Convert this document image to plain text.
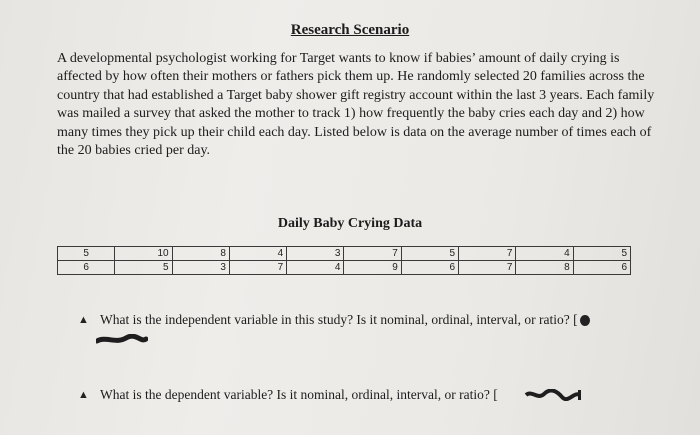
Research Scenario

A developmental psychologist working for Target wants to know if babies’ amount of daily crying is affected by how often their mothers or fathers pick them up. He randomly selected 20 families across the country that had established a Target baby shower gift registry account within the last 3 years. Each family was mailed a survey that asked the mother to track 1) how frequently the baby cries each day and 2) how many times they pick up their child each day. Listed below is data on the average number of times each of the 20 babies cried per day.

Daily Baby Crying Data
5	10	8	4	3	7	5	7	4	5
6	5	3	7	4	9	6	7	8	6
▲ What is the independent variable in this study? Is it nominal, ordinal, interval, or ratio? [
▲ What is the dependent variable? Is it nominal, ordinal, interval, or ratio? [
